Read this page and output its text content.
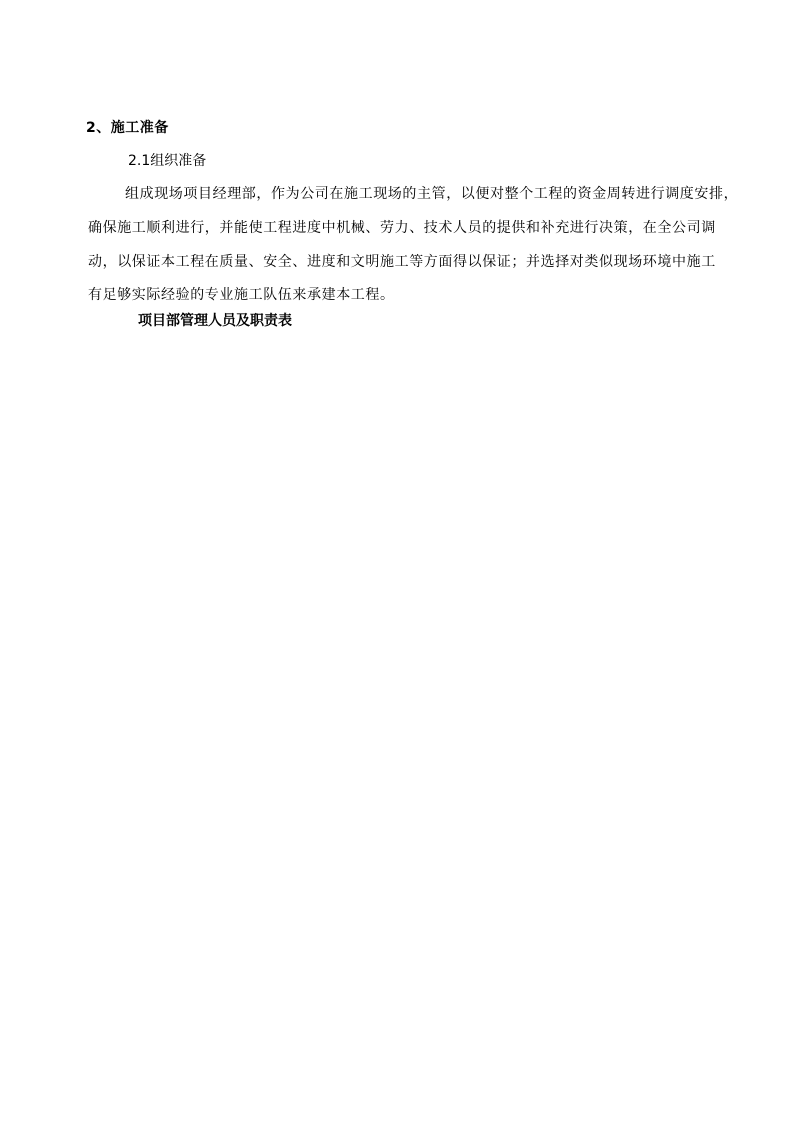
2、施工准备
2.1组织准备
组成现场项目经理部，作为公司在施工现场的主管，以便对整个工程的资金周转进行调度安排，
确保施工顺利进行，并能使工程进度中机械、劳力、技术人员的提供和补充进行决策，在全公司调
动，以保证本工程在质量、安全、进度和文明施工等方面得以保证；并选择对类似现场环境中施工
有足够实际经验的专业施工队伍来承建本工程。
项目部管理人员及职责表
